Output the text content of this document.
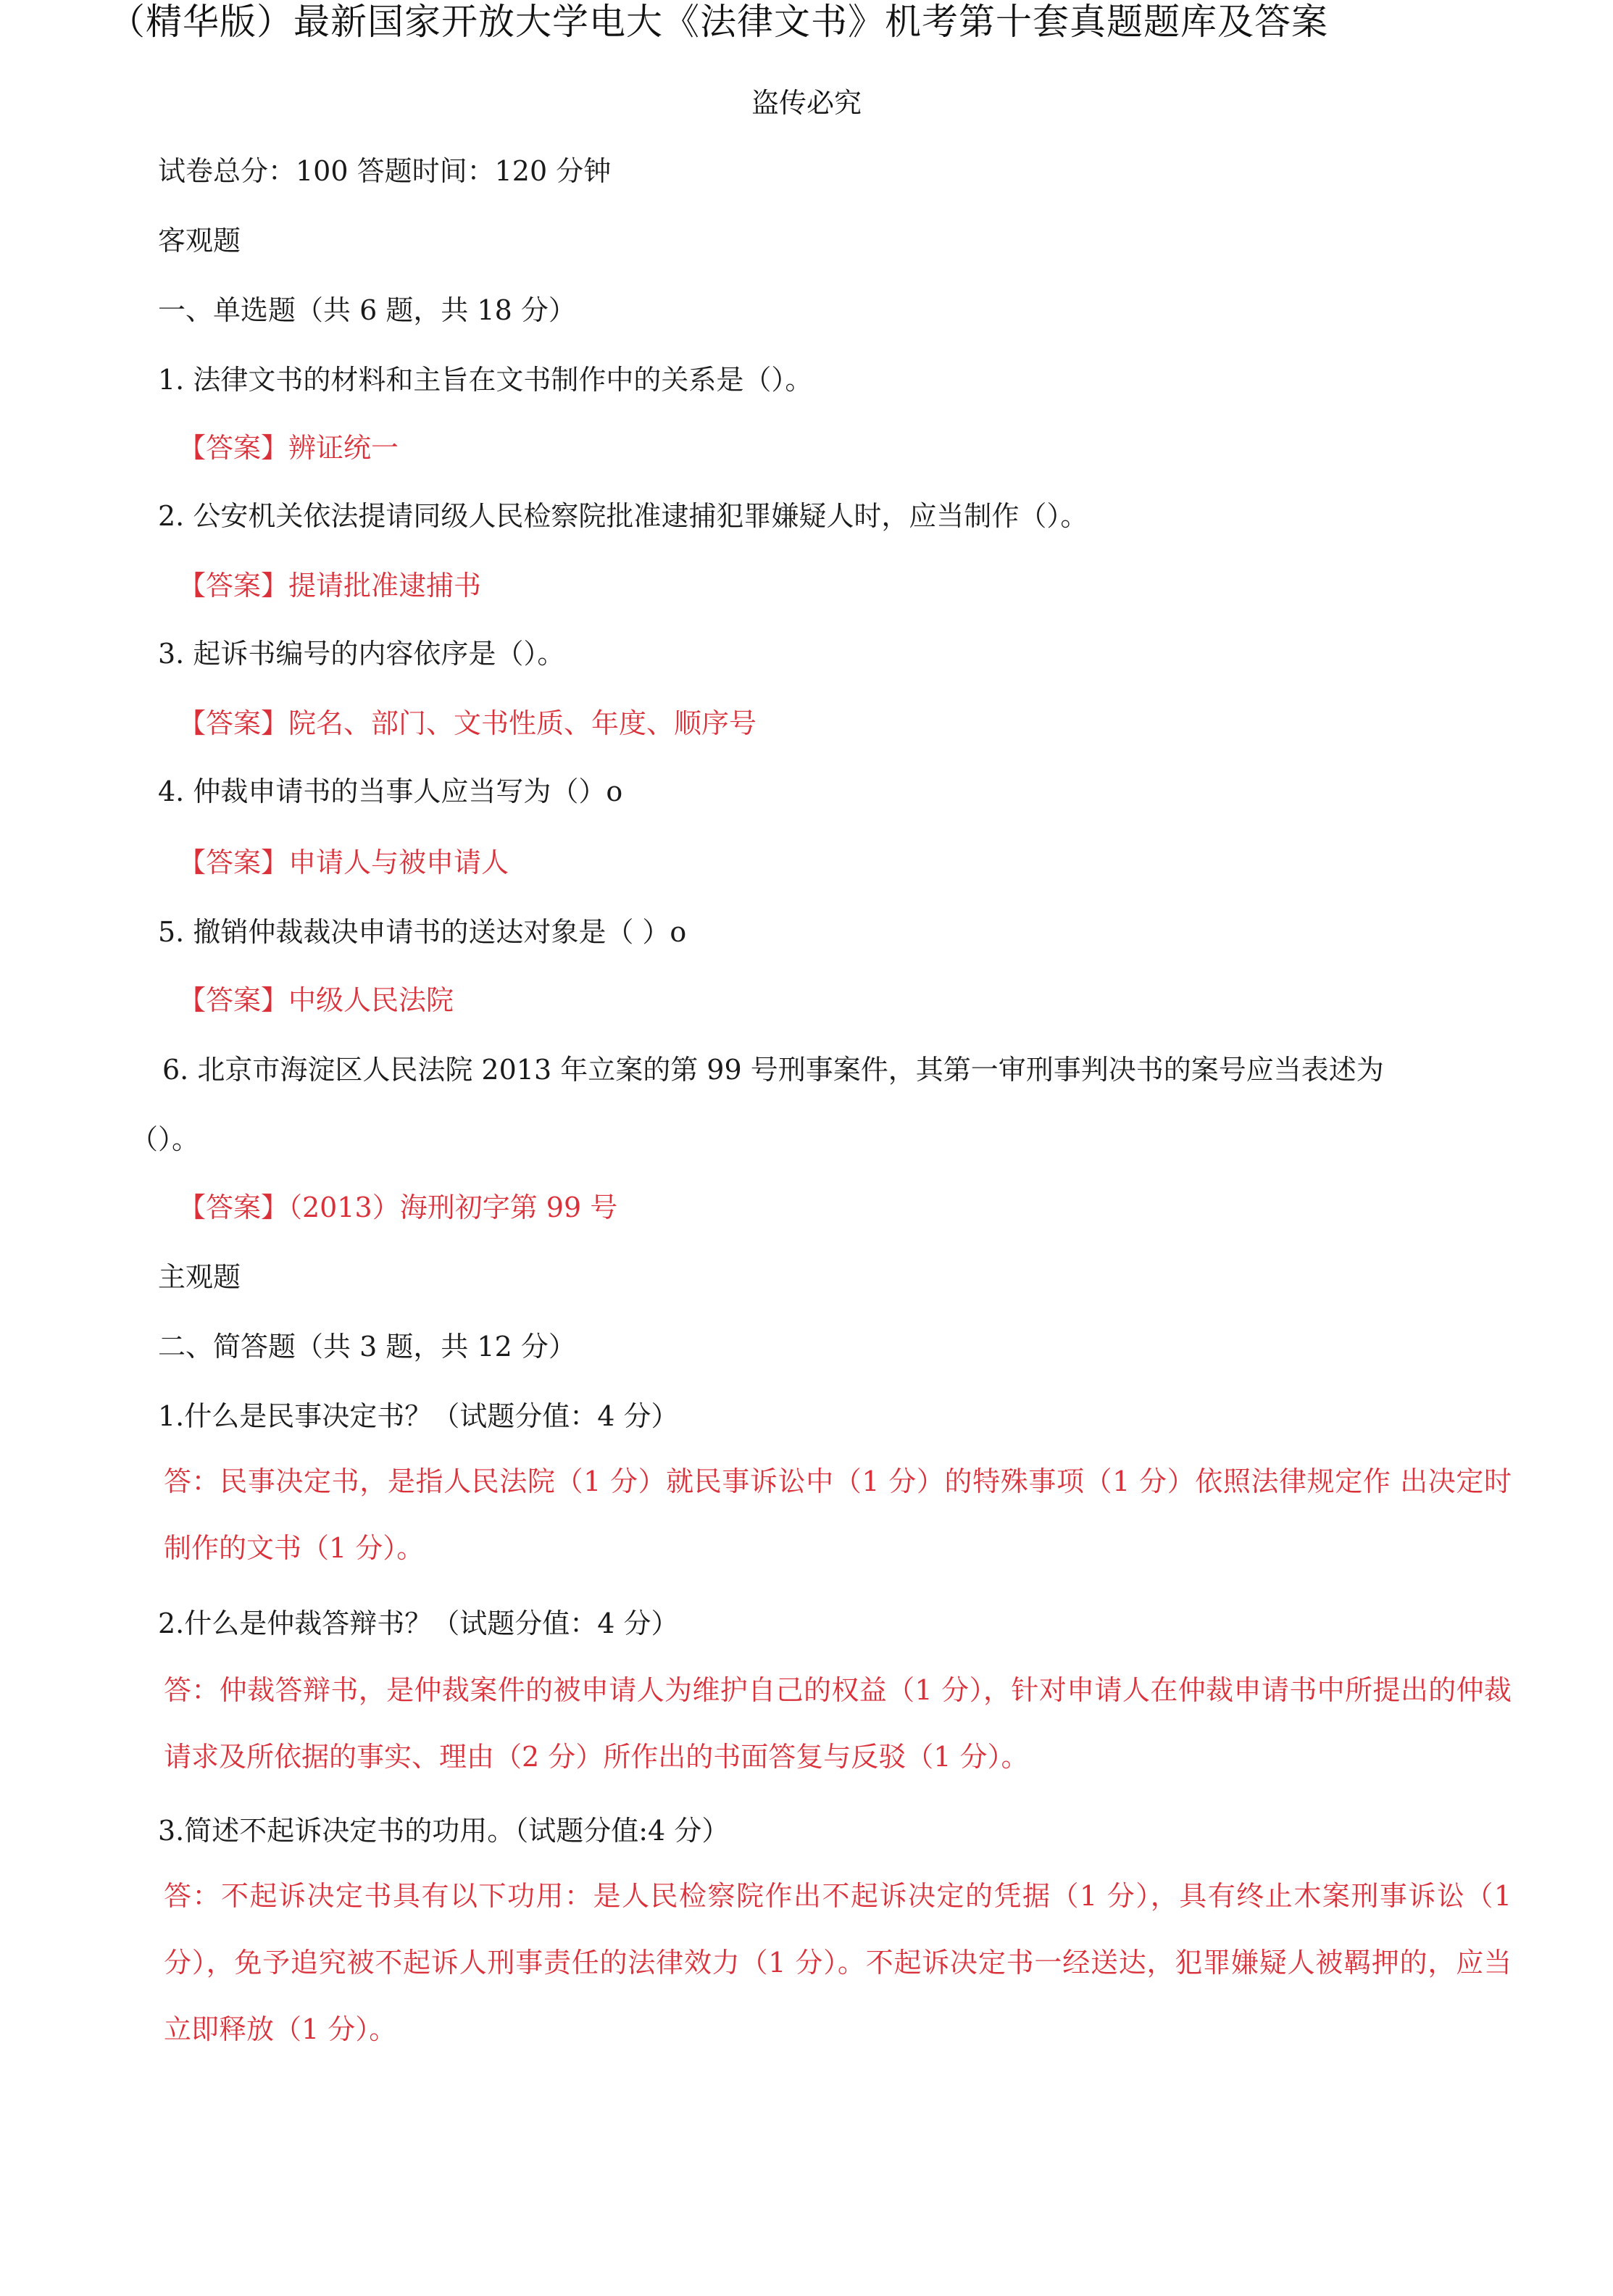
（精华版）最新国家开放大学电大《法律文书》机考第十套真题题库及答案
盗传必究
试卷总分：100 答题时间：120 分钟
客观题
一、单选题（共 6 题，共 18 分）
1. 法律文书的材料和主旨在文书制作中的关系是（）。
【答案】辨证统一
2. 公安机关依法提请同级人民检察院批准逮捕犯罪嫌疑人时，应当制作（）。
【答案】提请批准逮捕书
3. 起诉书编号的内容依序是（）。
【答案】院名、部门、文书性质、年度、顺序号
4. 仲裁申请书的当事人应当写为（）o
【答案】申请人与被申请人
5. 撤销仲裁裁决申请书的送达对象是（ ）o
【答案】中级人民法院
6. 北京市海淀区人民法院 2013 年立案的第 99 号刑事案件，其第一审刑事判决书的案号应当表述为
（）。
【答案】（2013）海刑初字第 99 号
主观题
二、简答题（共 3 题，共 12 分）
1.什么是民事决定书？（试题分值：4 分）
答：民事决定书，是指人民法院（1 分）就民事诉讼中（1 分）的特殊事项（1 分）依照法律规定作 出决定时制作的文书（1 分）。
2.什么是仲裁答辩书？（试题分值：4 分）
答：仲裁答辩书，是仲裁案件的被申请人为维护自己的权益（1 分），针对申请人在仲裁申请书中所提出的仲裁请求及所依据的事实、理由（2 分）所作出的书面答复与反驳（1 分）。
3.简述不起诉决定书的功用。（试题分值:4 分）
答：不起诉决定书具有以下功用：是人民检察院作出不起诉决定的凭据（1 分），具有终止木案刑事诉讼（1 分），免予追究被不起诉人刑事责任的法律效力（1 分）。不起诉决定书一经送达，犯罪嫌疑人被羁押的，应当立即释放（1 分）。
